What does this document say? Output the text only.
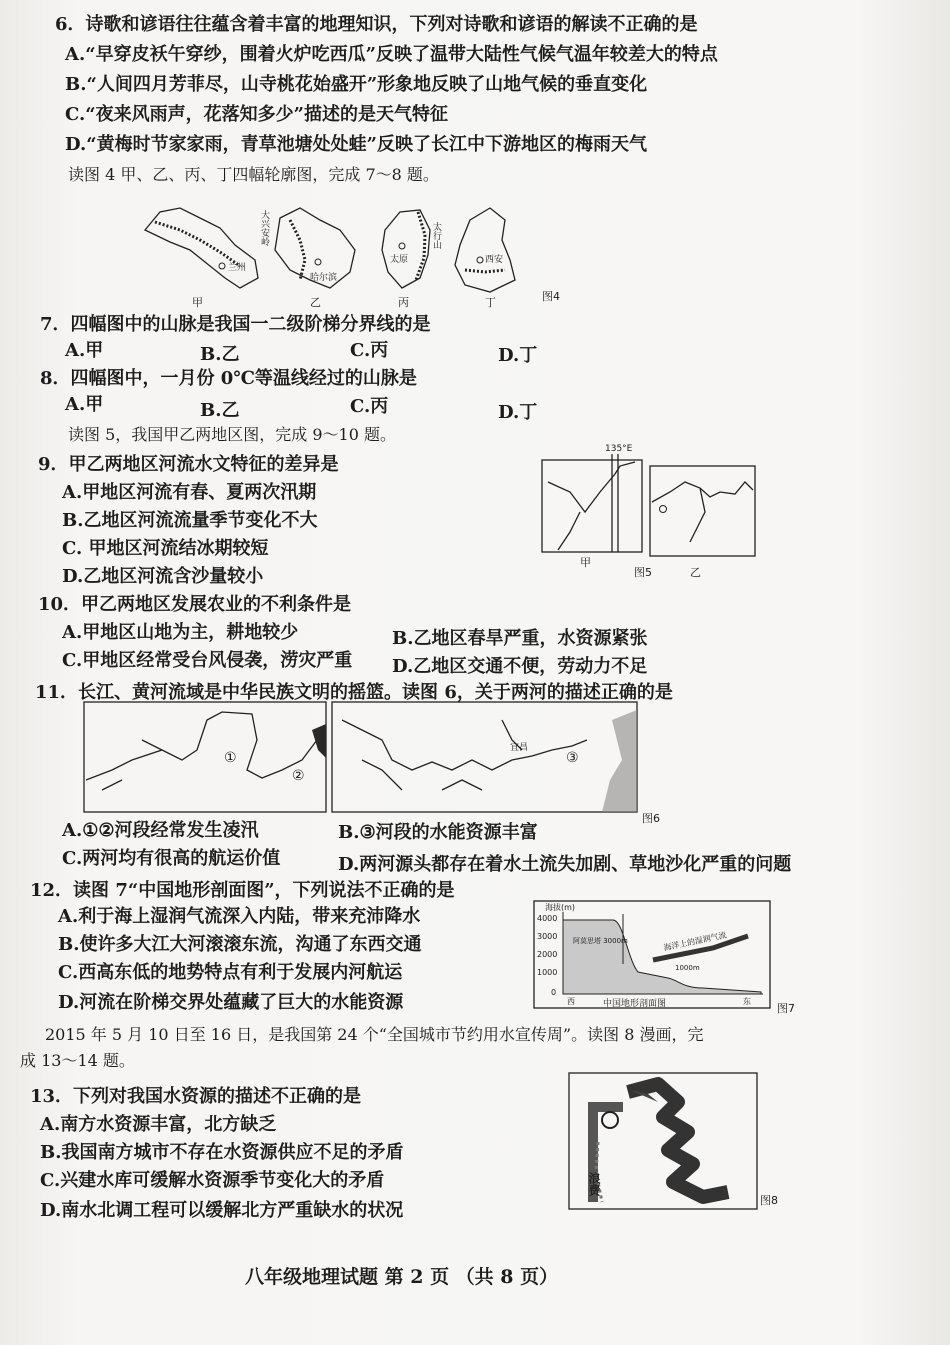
6．诗歌和谚语往往蕴含着丰富的地理知识，下列对诗歌和谚语的解读不正确的是
A.“早穿皮袄午穿纱，围着火炉吃西瓜”反映了温带大陆性气候气温年较差大的特点
B.“人间四月芳菲尽，山寺桃花始盛开”形象地反映了山地气候的垂直变化
C.“夜来风雨声，花落知多少”描述的是天气特征
D.“黄梅时节家家雨，青草池塘处处蛙”反映了长江中下游地区的梅雨天气
读图 4 甲、乙、丙、丁四幅轮廓图，完成 7～8 题。
兰州
大兴安岭
哈尔滨
太原
太行山
西安
甲	乙	丙	丁	图4
7．四幅图中的山脉是我国一二级阶梯分界线的是
A.甲	B.乙	C.丙	D.丁
8．四幅图中，一月份 0℃等温线经过的山脉是
A.甲	B.乙	C.丙	D.丁
读图 5，我国甲乙两地区图，完成 9～10 题。
9．甲乙两地区河流水文特征的差异是
A.甲地区河流有春、夏两次汛期
B.乙地区河流流量季节变化不大
C. 甲地区河流结冰期较短
D.乙地区河流含沙量较小
135°E
甲
图5	乙
10．甲乙两地区发展农业的不利条件是
A.甲地区山地为主，耕地较少	B.乙地区春旱严重，水资源紧张
C.甲地区经常受台风侵袭，涝灾严重 D.乙地区交通不便，劳动力不足
11．长江、黄河流域是中华民族文明的摇篮。读图 6，关于两河的描述正确的是
①
②
③
宜昌
图6
A.①②河段经常发生凌汛	B.③河段的水能资源丰富
C.两河均有很高的航运价值	D.两河源头都存在着水土流失加剧、草地沙化严重的问题
12．读图 7“中国地形剖面图”，下列说法不正确的是
A.利于海上湿润气流深入内陆，带来充沛降水
B.使许多大江大河滚滚东流，沟通了东西交通
C.西高东低的地势特点有利于发展内河航运
D.河流在阶梯交界处蕴藏了巨大的水能资源
海拔(m)
4000
3000
2000
1000
0
阿莫思塔 3000m
1000m
海洋上的湿润气流
西	中国地形剖面图	东
图7
2015 年 5 月 10 日至 16 日，是我国第 24 个“全国城市节约用水宣传周”。读图 8 漫画，完
成 13～14 题。
13．下列对我国水资源的描述不正确的是
A.南方水资源丰富，北方缺乏
B.我国南方城市不存在水资源供应不足的矛盾
C.兴建水库可缓解水资源季节变化大的矛盾
D.南水北调工程可以缓解北方严重缺水的状况
浪费
图8
八年级地理试题 第 2 页 （共 8 页）
